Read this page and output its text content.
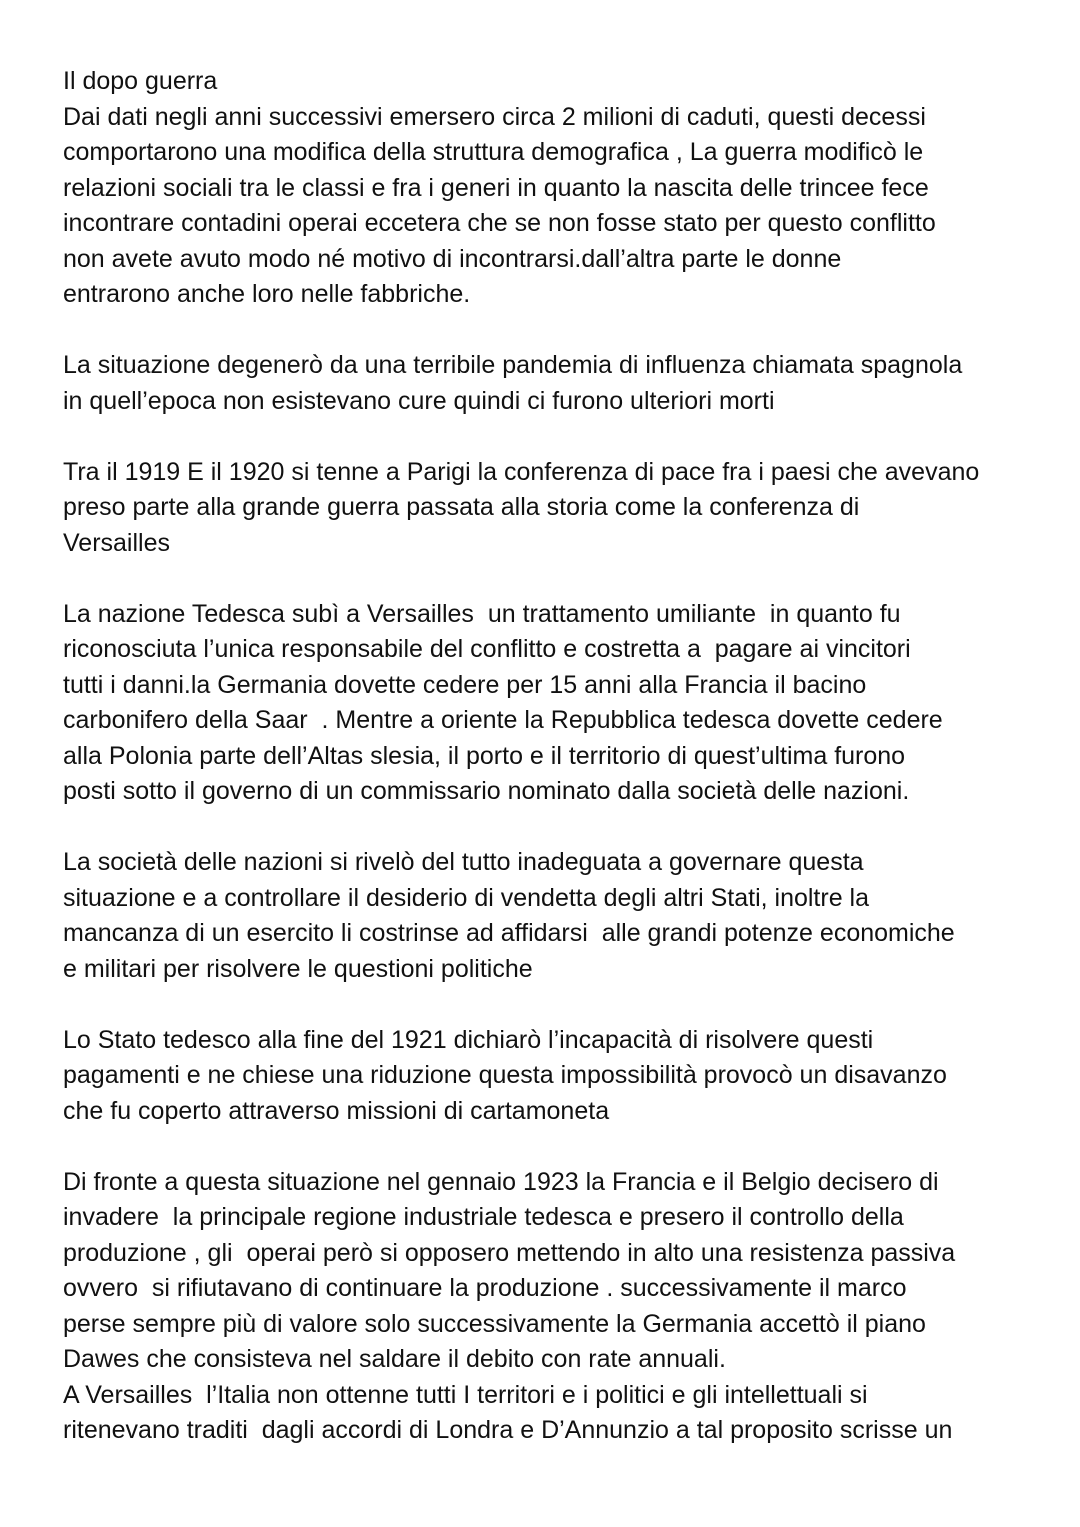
Il dopo guerra
Dai dati negli anni successivi emersero circa 2 milioni di caduti, questi decessi
comportarono una modifica della struttura demografica , La guerra modificò le
relazioni sociali tra le classi e fra i generi in quanto la nascita delle trincee fece
incontrare contadini operai eccetera che se non fosse stato per questo conflitto
non avete avuto modo né motivo di incontrarsi.dall’altra parte le donne
entrarono anche loro nelle fabbriche.
La situazione degenerò da una terribile pandemia di influenza chiamata spagnola
in quell’epoca non esistevano cure quindi ci furono ulteriori morti
Tra il 1919 E il 1920 si tenne a Parigi la conferenza di pace fra i paesi che avevano
preso parte alla grande guerra passata alla storia come la conferenza di
Versailles
La nazione Tedesca subì a Versailles  un trattamento umiliante  in quanto fu
riconosciuta l’unica responsabile del conflitto e costretta a  pagare ai vincitori
tutti i danni.la Germania dovette cedere per 15 anni alla Francia il bacino
carbonifero della Saar  . Mentre a oriente la Repubblica tedesca dovette cedere
alla Polonia parte dell’Altas slesia, il porto e il territorio di quest’ultima furono
posti sotto il governo di un commissario nominato dalla società delle nazioni.
La società delle nazioni si rivelò del tutto inadeguata a governare questa
situazione e a controllare il desiderio di vendetta degli altri Stati, inoltre la
mancanza di un esercito li costrinse ad affidarsi  alle grandi potenze economiche
e militari per risolvere le questioni politiche
Lo Stato tedesco alla fine del 1921 dichiarò l’incapacità di risolvere questi
pagamenti e ne chiese una riduzione questa impossibilità provocò un disavanzo
che fu coperto attraverso missioni di cartamoneta
Di fronte a questa situazione nel gennaio 1923 la Francia e il Belgio decisero di
invadere  la principale regione industriale tedesca e presero il controllo della
produzione , gli  operai però si opposero mettendo in alto una resistenza passiva
ovvero  si rifiutavano di continuare la produzione . successivamente il marco
perse sempre più di valore solo successivamente la Germania accettò il piano
Dawes che consisteva nel saldare il debito con rate annuali.
A Versailles  l’Italia non ottenne tutti I territori e i politici e gli intellettuali si
ritenevano traditi  dagli accordi di Londra e D’Annunzio a tal proposito scrisse un
